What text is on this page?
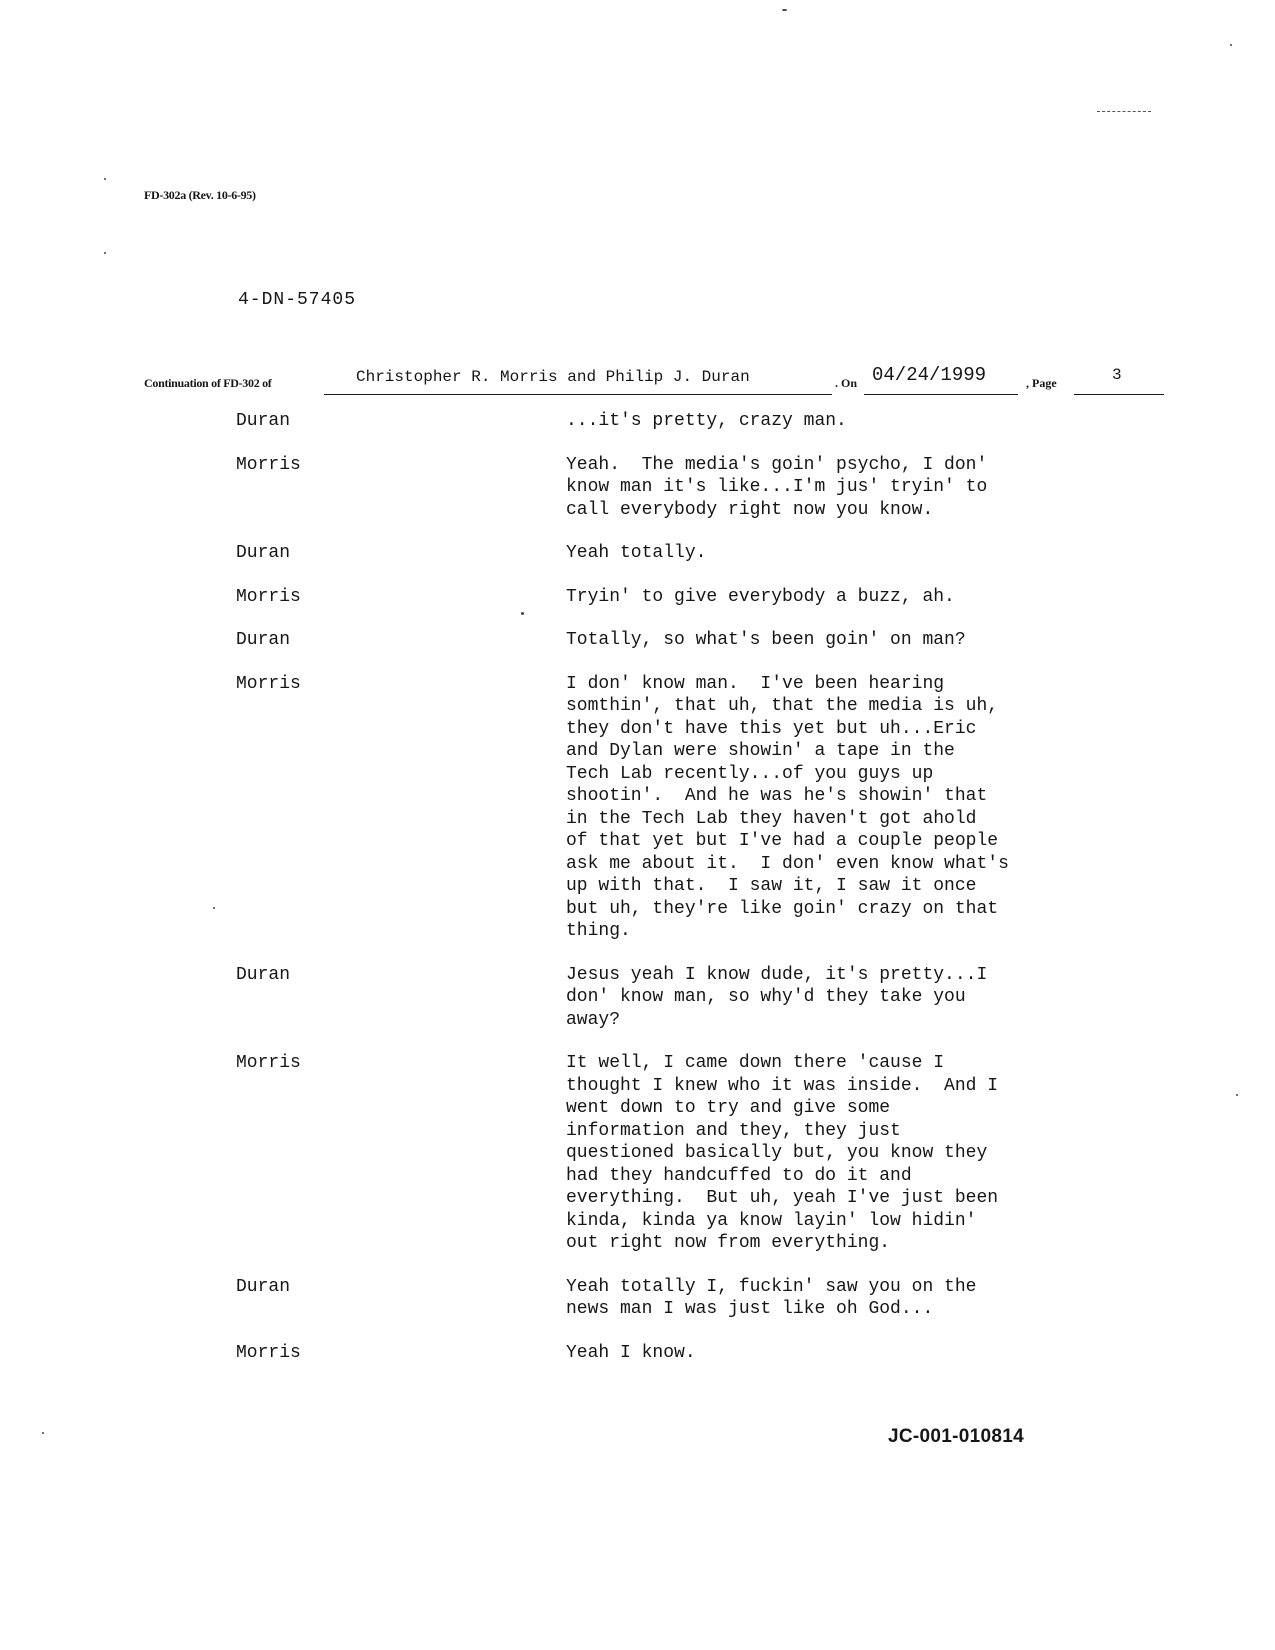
FD-302a (Rev. 10-6-95)
4-DN-57405
Continuation of FD-302 of	Christopher R. Morris and Philip J. Duran	. On 04/24/1999	, Page	3
Duran	...it's pretty, crazy man.
Morris	Yeah.  The media's goin' psycho, I don'
know man it's like...I'm jus' tryin' to
call everybody right now you know.
Duran	Yeah totally.
Morris	Tryin' to give everybody a buzz, ah.
Duran	Totally, so what's been goin' on man?
Morris	I don' know man.  I've been hearing
somthin', that uh, that the media is uh,
they don't have this yet but uh...Eric
and Dylan were showin' a tape in the
Tech Lab recently...of you guys up
shootin'.  And he was he's showin' that
in the Tech Lab they haven't got ahold
of that yet but I've had a couple people
ask me about it.  I don' even know what's
up with that.  I saw it, I saw it once
but uh, they're like goin' crazy on that
thing.
Duran	Jesus yeah I know dude, it's pretty...I
don' know man, so why'd they take you
away?
Morris	It well, I came down there 'cause I
thought I knew who it was inside.  And I
went down to try and give some
information and they, they just
questioned basically but, you know they
had they handcuffed to do it and
everything.  But uh, yeah I've just been
kinda, kinda ya know layin' low hidin'
out right now from everything.
Duran	Yeah totally I, fuckin' saw you on the
news man I was just like oh God...
Morris	Yeah I know.
JC-001-010814
